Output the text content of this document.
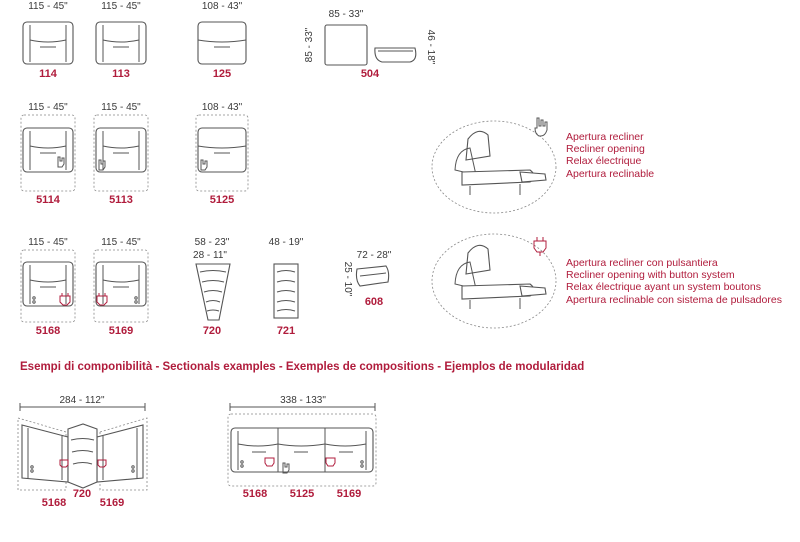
115 - 45"
114
115 - 45"
113
108 - 43"
125
85 - 33"
85 - 33"	46 - 18"
504
115 - 45"
5114
115 - 45"
5113
108 - 43"
5125
Apertura recliner
Recliner opening
Relax électrique
Apertura reclinable
115 - 45"
5168
115 - 45"
5169
58 - 23"
28 - 11"
720
48 - 19"
721
72 - 28"
25 - 10"
608
Apertura recliner con pulsantiera
Recliner opening with button system
Relax électrique ayant un system boutons
Apertura reclinable con sistema de pulsadores
Esempi di componibilità - Sectionals examples - Exemples de compositions - Ejemplos de modularidad
284 - 112"
720
5168	5169
338 - 133"
5168 5125 5169
